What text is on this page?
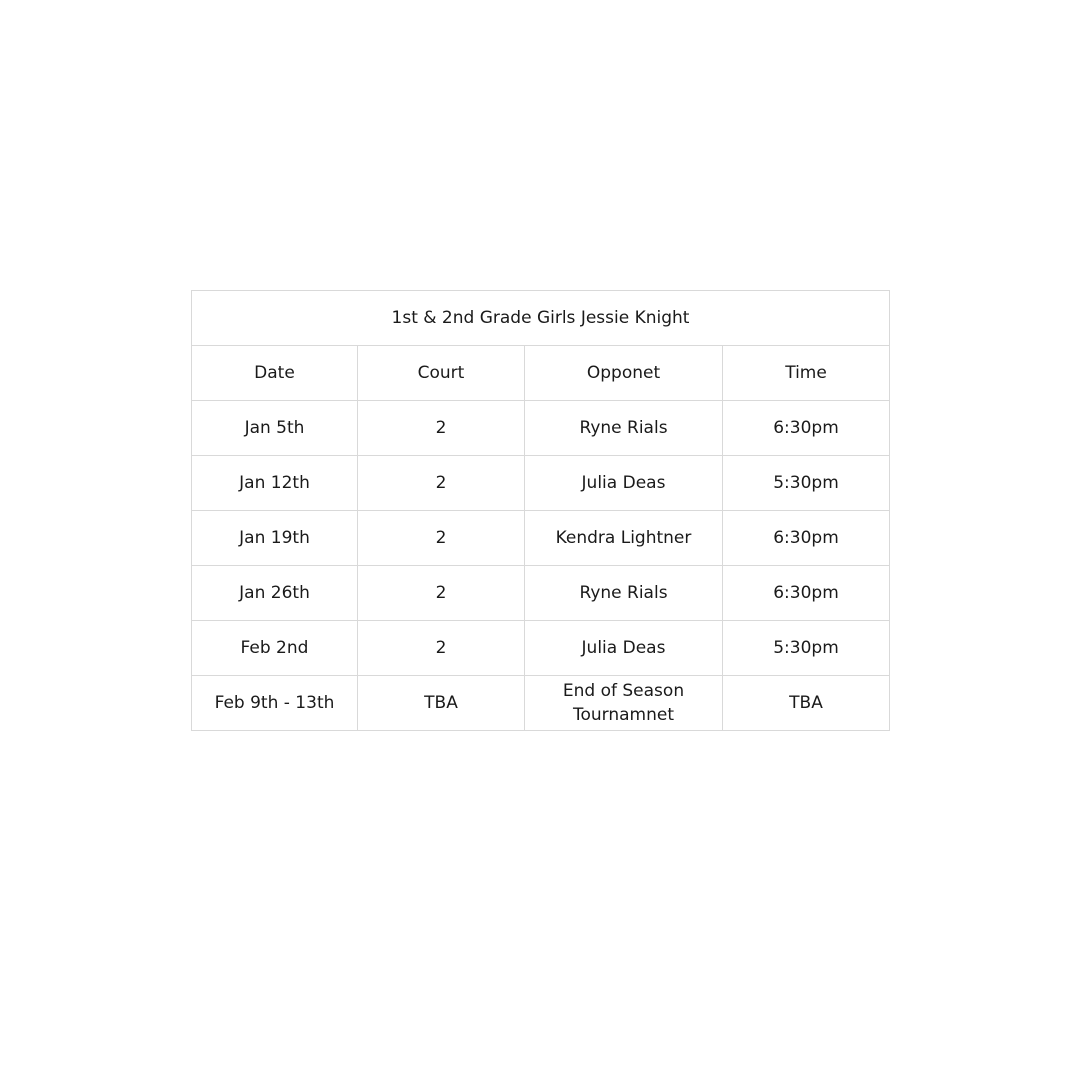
1st & 2nd Grade Girls Jessie Knight			
Date	Court	Opponet	Time
Jan 5th	2	Ryne Rials	6:30pm
Jan 12th	2	Julia Deas	5:30pm
Jan 19th	2	Kendra Lightner	6:30pm
Jan 26th	2	Ryne Rials	6:30pm
Feb 2nd	2	Julia Deas	5:30pm
Feb 9th - 13th	TBA	End of Season Tournamnet	TBA
